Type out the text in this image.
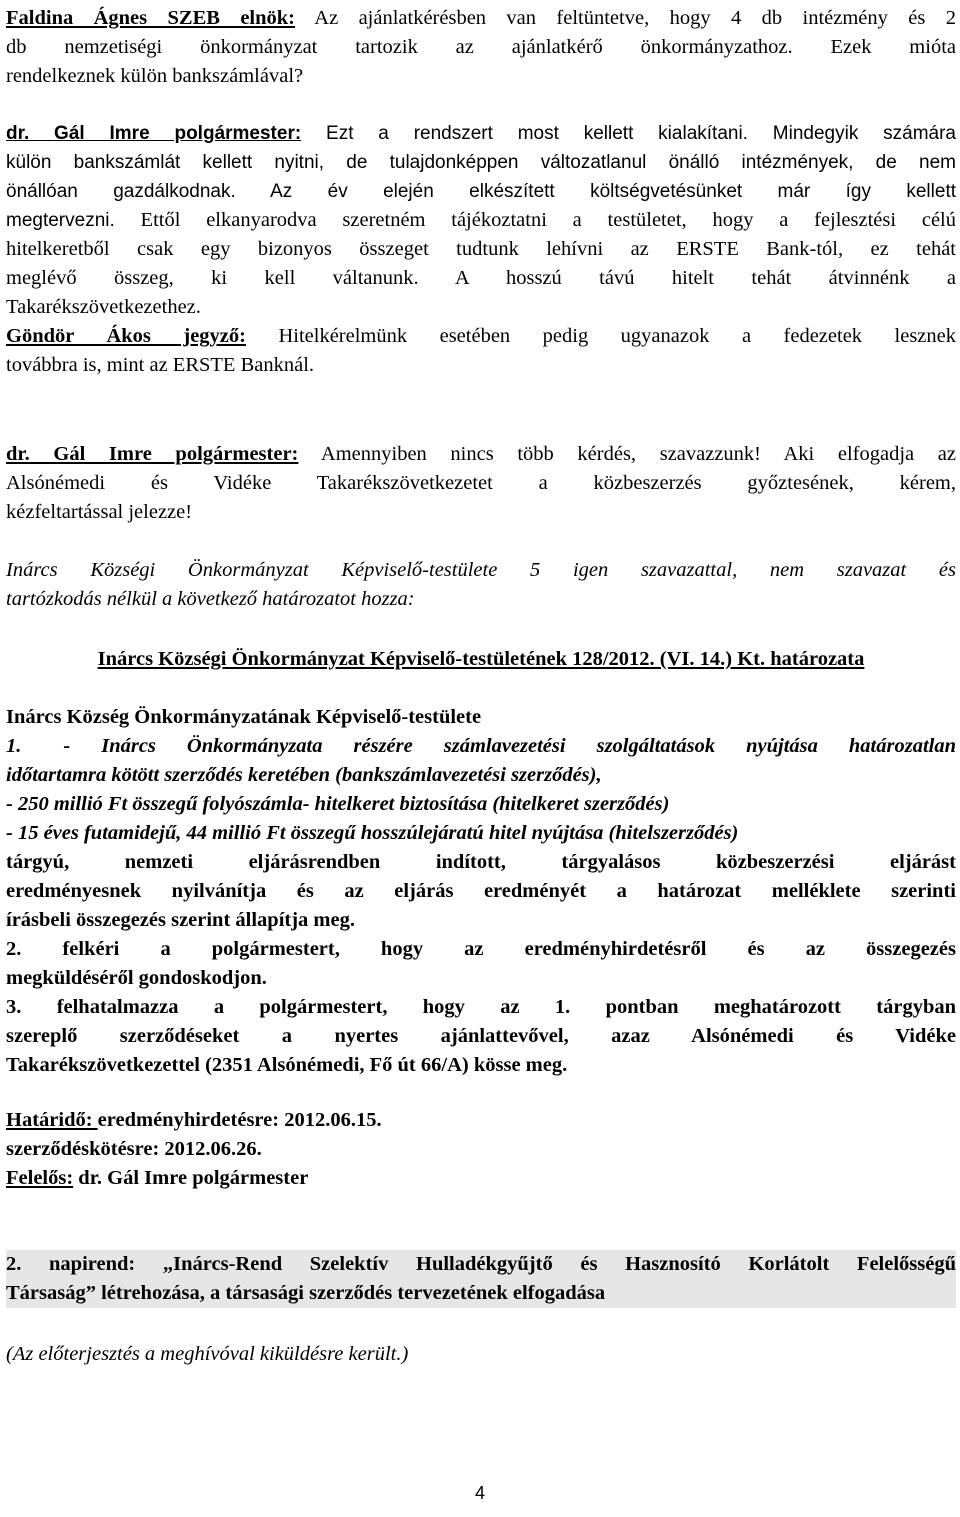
Faldina Ágnes SZEB elnök: Az ajánlatkérésben van feltüntetve, hogy 4 db intézmény és 2
db nemzetiségi önkormányzat tartozik az ajánlatkérő önkormányzathoz. Ezek mióta
rendelkeznek külön bankszámlával?
dr. Gál Imre polgármester: Ezt a rendszert most kellett kialakítani. Mindegyik számára
külön bankszámlát kellett nyitni, de tulajdonképpen változatlanul önálló intézmények, de nem
önállóan gazdálkodnak. Az év elején elkészített költségvetésünket már így kellett
megtervezni. Ettől elkanyarodva szeretném tájékoztatni a testületet, hogy a fejlesztési célú
hitelkeretből csak egy bizonyos összeget tudtunk lehívni az ERSTE Bank-tól, ez tehát
meglévő összeg, ki kell váltanunk. A hosszú távú hitelt tehát átvinnénk a
Takarékszövetkezethez.
Göndör Ákos jegyző: Hitelkérelmünk esetében pedig ugyanazok a fedezetek lesznek
továbbra is, mint az ERSTE Banknál.
dr. Gál Imre polgármester: Amennyiben nincs több kérdés, szavazzunk! Aki elfogadja az
Alsónémedi és Vidéke Takarékszövetkezetet a közbeszerzés győztesének, kérem,
kézfeltartással jelezze!
Inárcs Községi Önkormányzat Képviselő-testülete 5 igen szavazattal, nem szavazat és
tartózkodás nélkül a következő határozatot hozza:
Inárcs Községi Önkormányzat Képviselő-testületének 128/2012. (VI. 14.) Kt. határozata
Inárcs Község Önkormányzatának Képviselő-testülete
1. - Inárcs Önkormányzata részére számlavezetési szolgáltatások nyújtása határozatlan
időtartamra kötött szerződés keretében (bankszámlavezetési szerződés),
- 250 millió Ft összegű folyószámla- hitelkeret biztosítása (hitelkeret szerződés)
- 15 éves futamidejű, 44 millió Ft összegű hosszúlejáratú hitel nyújtása (hitelszerződés)
tárgyú, nemzeti eljárásrendben indított, tárgyalásos közbeszerzési eljárást
eredményesnek nyilvánítja és az eljárás eredményét a határozat melléklete szerinti
írásbeli összegezés szerint állapítja meg.
2. felkéri a polgármestert, hogy az eredményhirdetésről és az összegezés
megküldéséről gondoskodjon.
3. felhatalmazza a polgármestert, hogy az 1. pontban meghatározott tárgyban
szereplő szerződéseket a nyertes ajánlattevővel, azaz Alsónémedi és Vidéke
Takarékszövetkezettel (2351 Alsónémedi, Fő út 66/A) kösse meg.
Határidő: eredményhirdetésre: 2012.06.15.
szerződéskötésre: 2012.06.26.
Felelős: dr. Gál Imre polgármester
2. napirend: „Inárcs-Rend Szelektív Hulladékgyűjtő és Hasznosító Korlátolt Felelősségű
Társaság” létrehozása, a társasági szerződés tervezetének elfogadása
(Az előterjesztés a meghívóval kiküldésre került.)
4
